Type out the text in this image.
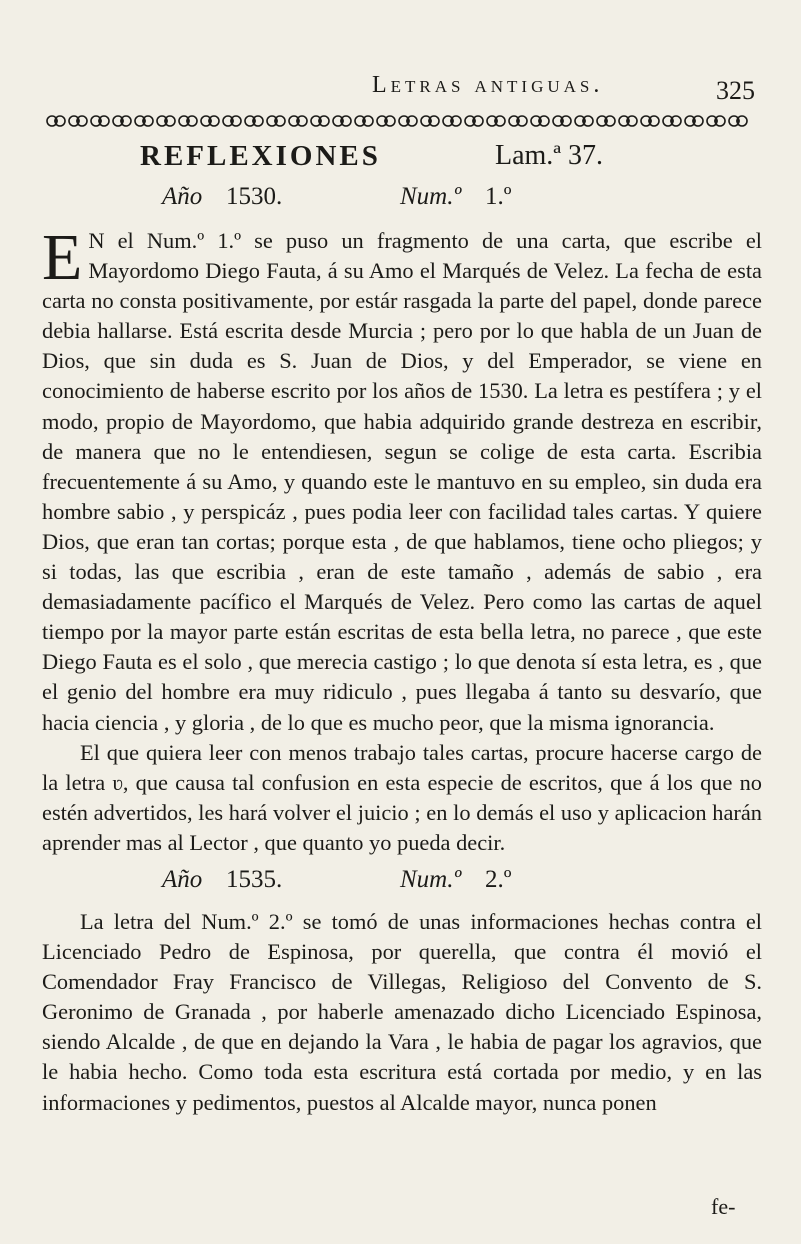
Letras antiguas.	325
REFLEXIONES	Lam.ª 37.
Año 1530.	Num.º 1.º

E N el Num.º 1.º se puso un fragmento de una carta, que escribe el Mayordomo Diego Fauta, á su Amo el Marqués de Velez. La fecha de esta carta no consta positivamente, por estár rasgada la parte del papel, donde parece debia hallarse. Está escrita desde Murcia ; pero por lo que habla de un Juan de Dios, que sin duda es S. Juan de Dios, y del Emperador, se viene en conocimiento de haberse escrito por los años de 1530. La letra es pestífera ; y el modo, propio de Mayordomo, que habia adquirido grande destreza en escribir, de manera que no le entendiesen, segun se colige de esta carta. Escribia frecuentemente á su Amo, y quando este le mantuvo en su empleo, sin duda era hombre sabio , y perspicáz , pues podia leer con facilidad tales cartas. Y quiere Dios, que eran tan cortas; porque esta , de que hablamos, tiene ocho pliegos; y si todas, las que escribia , eran de este tamaño , además de sabio , era demasiadamente pacífico el Marqués de Velez. Pero como las cartas de aquel tiempo por la mayor parte están escritas de esta bella letra, no parece , que este Diego Fauta es el solo , que merecia castigo ; lo que denota sí esta letra, es , que el genio del hombre era muy ridiculo , pues llegaba á tanto su desvarío, que hacia ciencia , y gloria , de lo que es mucho peor, que la misma ignorancia.

El que quiera leer con menos trabajo tales cartas, procure hacerse cargo de la letra ʋ, que causa tal confusion en esta especie de escritos, que á los que no estén advertidos, les hará volver el juicio ; en lo demás el uso y aplicacion harán aprender mas al Lector , que quanto yo pueda decir.

Año 1535.	Num.º 2.º

La letra del Num.º 2.º se tomó de unas informaciones hechas contra el Licenciado Pedro de Espinosa, por querella, que contra él movió el Comendador Fray Francisco de Villegas, Religioso del Convento de S. Geronimo de Granada , por haberle amenazado dicho Licenciado Espinosa, siendo Alcalde , de que en dejando la Vara , le habia de pagar los agravios, que le habia hecho. Como toda esta escritura está cortada por medio, y en las informaciones y pedimentos, puestos al Alcalde mayor, nunca ponen

fe-
